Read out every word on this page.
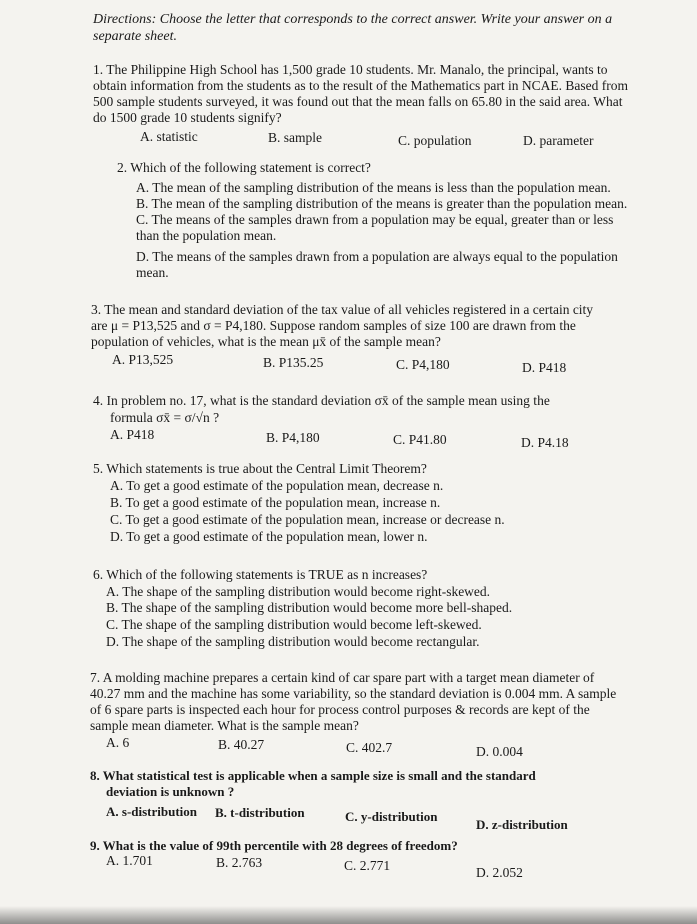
Directions: Choose the letter that corresponds to the correct answer. Write your answer on a
separate sheet.
1. The Philippine High School has 1,500 grade 10 students. Mr. Manalo, the principal, wants to
obtain information from the students as to the result of the Mathematics part in NCAE. Based from
500 sample students surveyed, it was found out that the mean falls on 65.80 in the said area. What
do 1500 grade 10 students signify?
A. statistic	B. sample	C. population	D. parameter
2. Which of the following statement is correct?
A. The mean of the sampling distribution of the means is less than the population mean.
B. The mean of the sampling distribution of the means is greater than the population mean.
C. The means of the samples drawn from a population may be equal, greater than or less
than the population mean.
D. The means of the samples drawn from a population are always equal to the population
mean.
3. The mean and standard deviation of the tax value of all vehicles registered in a certain city
are μ = P13,525 and σ = P4,180. Suppose random samples of size 100 are drawn from the
population of vehicles, what is the mean μx̄ of the sample mean?
A. P13,525	B. P135.25	C. P4,180	D. P418
4. In problem no. 17, what is the standard deviation σx̄ of the sample mean using the
formula σx̄ = σ/√n ?
A. P418	B. P4,180	C. P41.80	D. P4.18
5. Which statements is true about the Central Limit Theorem?
A. To get a good estimate of the population mean, decrease n.
B. To get a good estimate of the population mean, increase n.
C. To get a good estimate of the population mean, increase or decrease n.
D. To get a good estimate of the population mean, lower n.
6. Which of the following statements is TRUE as n increases?
A. The shape of the sampling distribution would become right-skewed.
B. The shape of the sampling distribution would become more bell-shaped.
C. The shape of the sampling distribution would become left-skewed.
D. The shape of the sampling distribution would become rectangular.
7. A molding machine prepares a certain kind of car spare part with a target mean diameter of
40.27 mm and the machine has some variability, so the standard deviation is 0.004 mm. A sample
of 6 spare parts is inspected each hour for process control purposes & records are kept of the
sample mean diameter. What is the sample mean?
A. 6	B. 40.27	C. 402.7	D. 0.004
8. What statistical test is applicable when a sample size is small and the standard
deviation is unknown ?
A. s-distribution B. t-distribution	C. y-distribution
D. z-distribution
9. What is the value of 99th percentile with 28 degrees of freedom?
A. 1.701	B. 2.763	C. 2.771	D. 2.052
